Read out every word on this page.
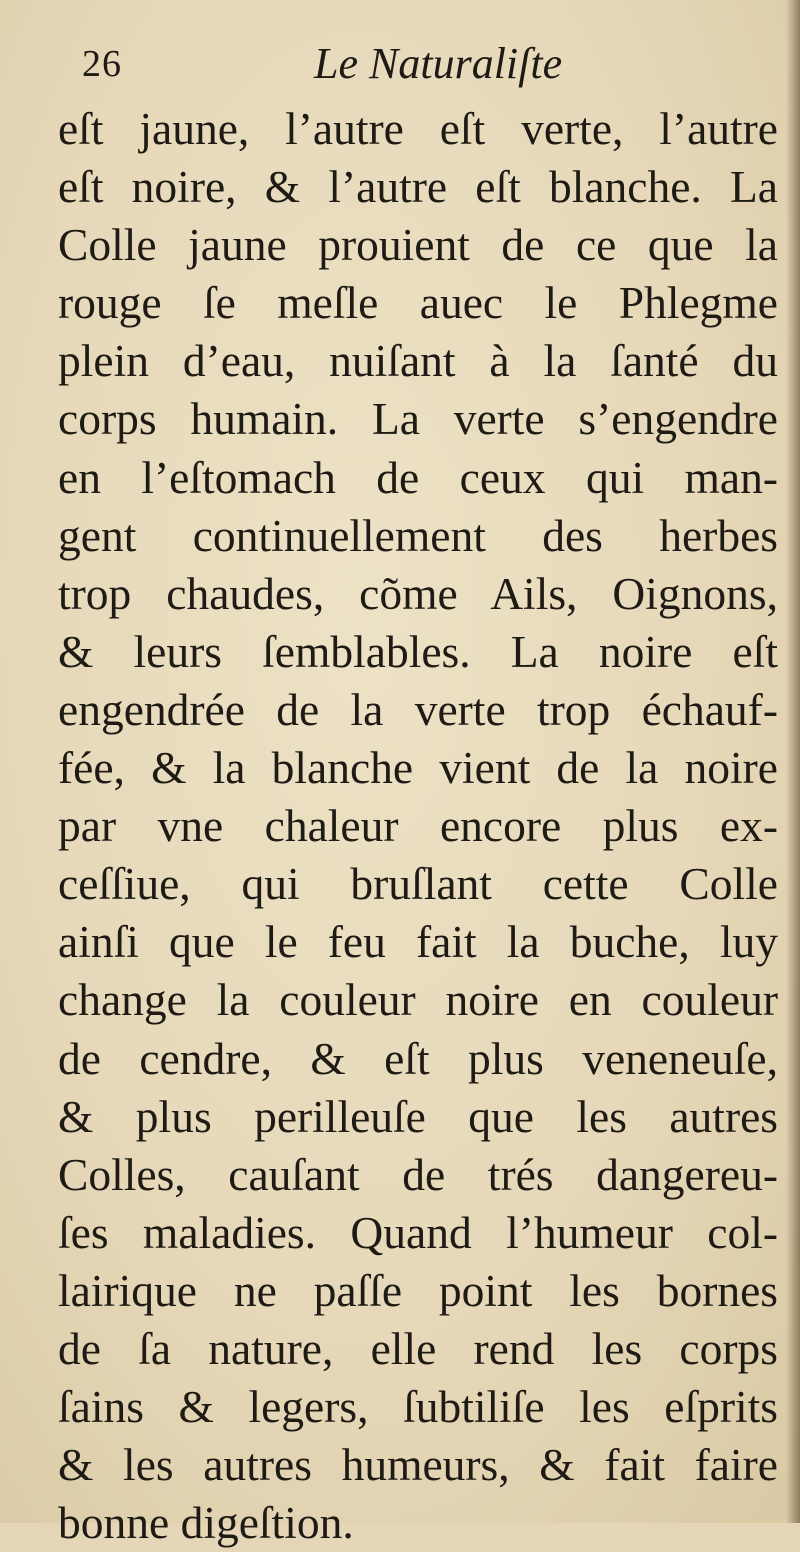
26	Le Naturaliſte
eſt jaune, l’autre eſt verte, l’autre
eſt noire, & l’autre eſt blanche. La
Colle jaune prouient de ce que la
rouge ſe meſle auec le Phlegme
plein d’eau, nuiſant à la ſanté du
corps humain. La verte s’engendre
en l’eſtomach de ceux qui man-
gent continuellement des herbes
trop chaudes, cõme Ails, Oignons,
& leurs ſemblables. La noire eſt
engendrée de la verte trop échauf-
fée, & la blanche vient de la noire
par vne chaleur encore plus ex-
ceſſiue, qui bruſlant cette Colle
ainſi que le feu fait la buche, luy
change la couleur noire en couleur
de cendre, & eſt plus veneneuſe,
& plus perilleuſe que les autres
Colles, cauſant de trés dangereu-
ſes maladies. Quand l’humeur col-
lairique ne paſſe point les bornes
de ſa nature, elle rend les corps
ſains & legers, ſubtiliſe les eſprits
& les autres humeurs, & fait faire
bonne digeſtion.
